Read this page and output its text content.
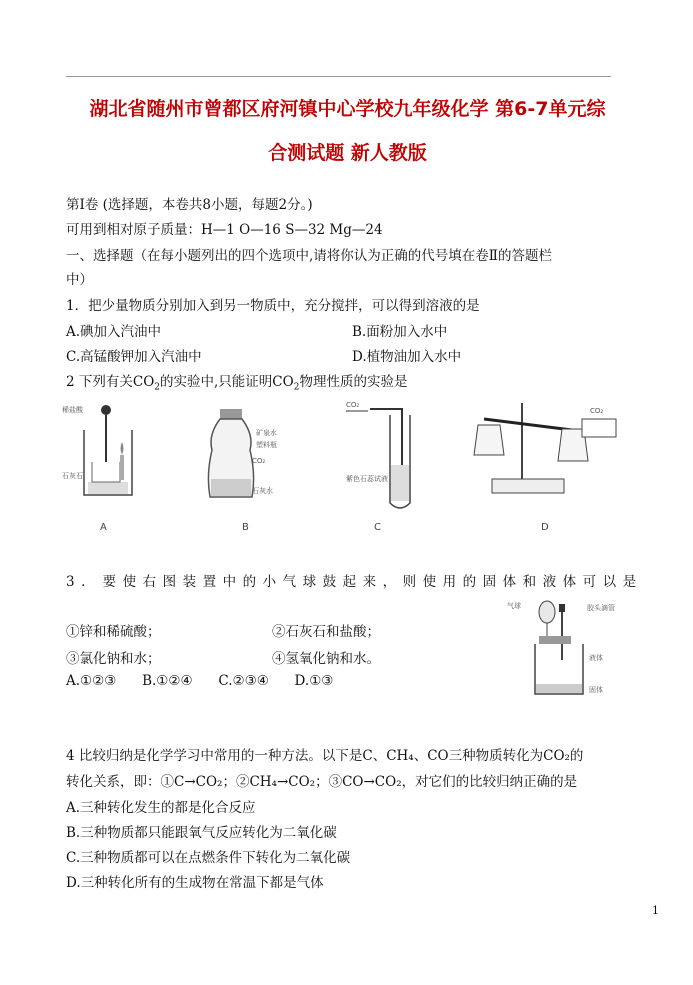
湖北省随州市曾都区府河镇中心学校九年级化学 第6-7单元综
合测试题 新人教版
第Ⅰ卷 (选择题，本卷共8小题，每题2分。)
可用到相对原子质量：H—1 O—16 S—32 Mg—24
一、选择题（在每小题列出的四个选项中,请将你认为正确的代号填在卷Ⅱ的答题栏
中）
1．把少量物质分别加入到另一物质中，充分搅拌，可以得到溶液的是
A.碘加入汽油中	B.面粉加入水中
C.高锰酸钾加入汽油中	D.植物油加入水中
2 下列有关$CO_2$的实验中,只能证明$CO_2$物理性质的实验是
稀盐酸
石灰石
A
矿泉水
塑料瓶
CO₂
石灰水
B
CO₂
紫色石蕊试液
C
CO₂
D
3. 要使右图装置中的小气球鼓起来，则使用的固体和液体可以是
①锌和稀硫酸；	②石灰石和盐酸；
③氯化钠和水；	④氢氧化钠和水。
A.①②③      B.①②④      C.②③④      D.①③
气球	胶头滴管
液体
固体
4 比较归纳是化学学习中常用的一种方法。以下是C、CH₄、CO三种物质转化为CO₂的
转化关系，即：①C→CO₂；②CH₄→CO₂；③CO→CO₂，对它们的比较归纳正确的是
A.三种转化发生的都是化合反应
B.三种物质都只能跟氧气反应转化为二氧化碳
C.三种物质都可以在点燃条件下转化为二氧化碳
D.三种转化所有的生成物在常温下都是气体
1
